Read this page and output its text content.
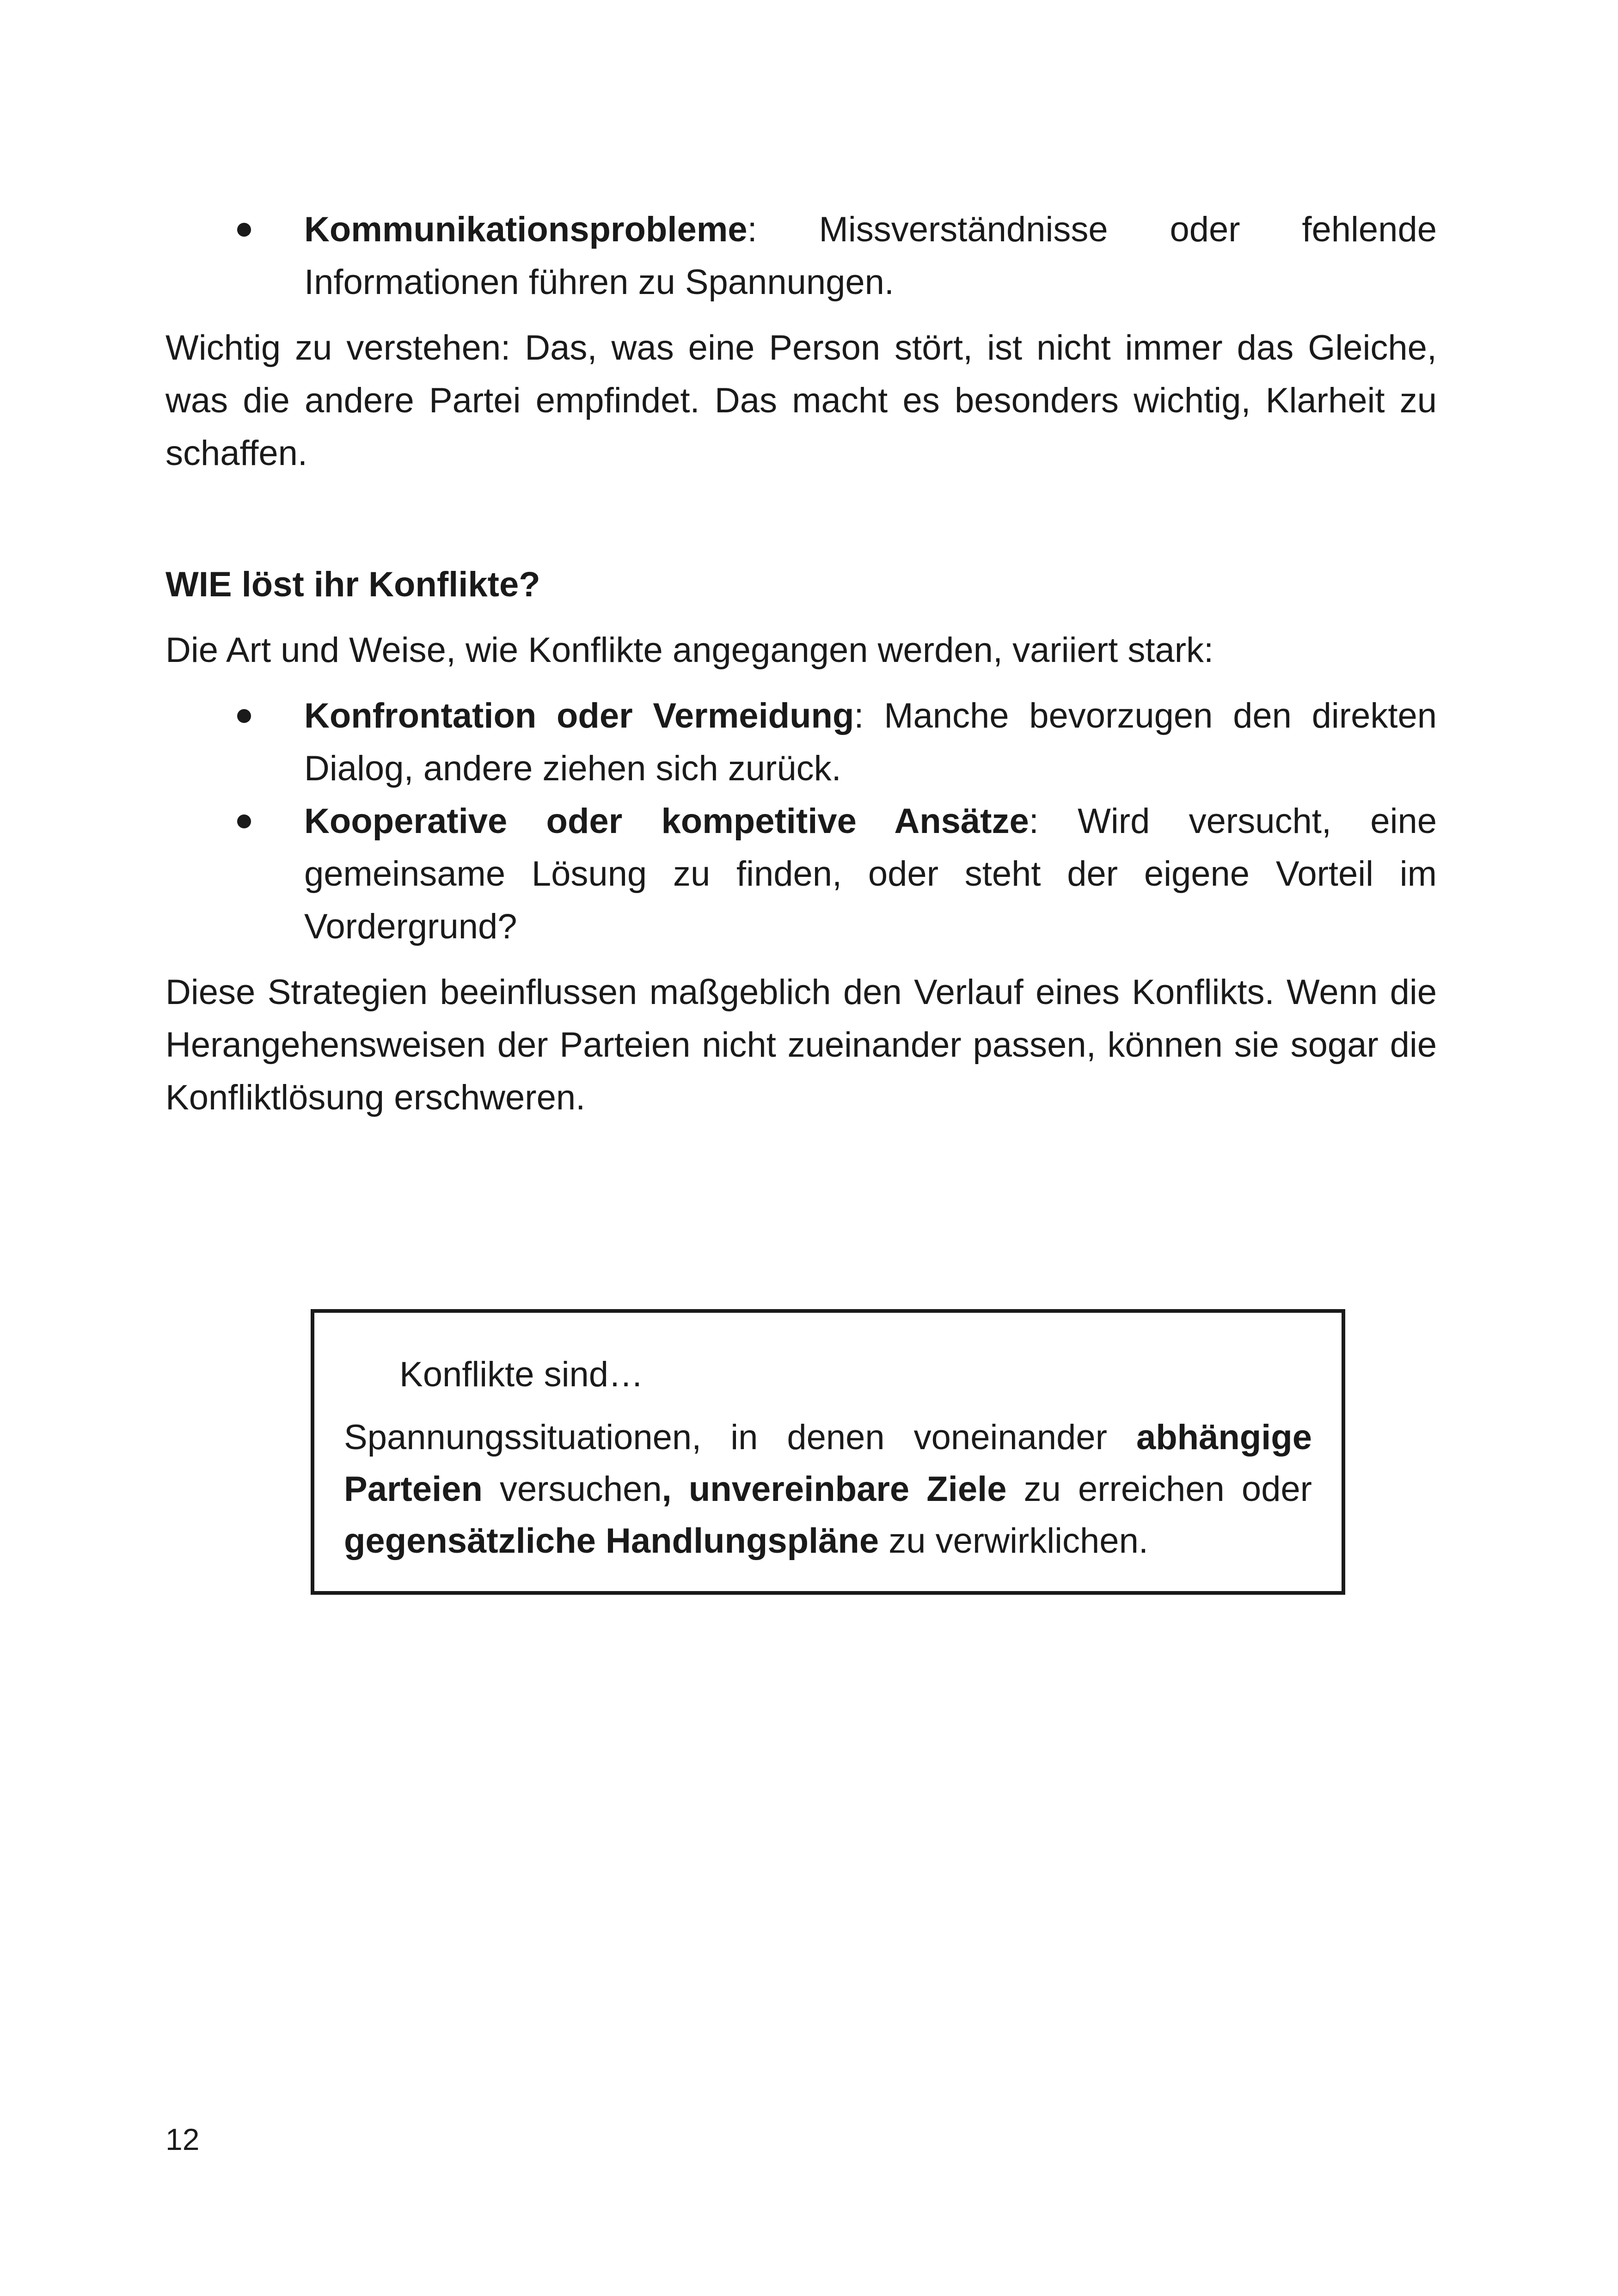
Kommunikationsprobleme: Missverständnisse oder fehlende Informationen führen zu Spannungen.

Wichtig zu verstehen: Das, was eine Person stört, ist nicht immer das Gleiche, was die andere Partei empfindet. Das macht es besonders wichtig, Klarheit zu schaffen.

WIE löst ihr Konflikte?

Die Art und Weise, wie Konflikte angegangen werden, variiert stark:

Konfrontation oder Vermeidung: Manche bevorzugen den direkten Dialog, andere ziehen sich zurück.
Kooperative oder kompetitive Ansätze: Wird versucht, eine gemeinsame Lösung zu finden, oder steht der eigene Vorteil im Vordergrund?

Diese Strategien beeinflussen maßgeblich den Verlauf eines Konflikts. Wenn die Herangehensweisen der Parteien nicht zueinander passen, können sie sogar die Konfliktlösung erschweren.

Konflikte sind…

Spannungssituationen, in denen voneinander abhängige Parteien versuchen, unvereinbare Ziele zu erreichen oder gegensätzliche Handlungspläne zu verwirklichen.

12
